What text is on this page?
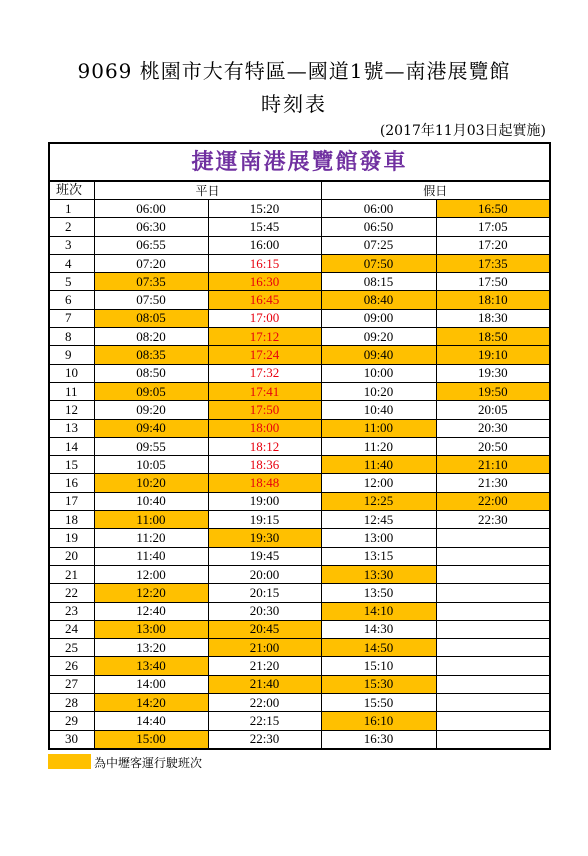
9069 桃園市大有特區—國道1號—南港展覽館
時刻表
(2017年11月03日起實施)
捷運南港展覽館發車				
班次	平日		假日	
1	06:00	15:20	06:00	16:50
2	06:30	15:45	06:50	17:05
3	06:55	16:00	07:25	17:20
4	07:20	16:15	07:50	17:35
5	07:35	16:30	08:15	17:50
6	07:50	16:45	08:40	18:10
7	08:05	17:00	09:00	18:30
8	08:20	17:12	09:20	18:50
9	08:35	17:24	09:40	19:10
10	08:50	17:32	10:00	19:30
11	09:05	17:41	10:20	19:50
12	09:20	17:50	10:40	20:05
13	09:40	18:00	11:00	20:30
14	09:55	18:12	11:20	20:50
15	10:05	18:36	11:40	21:10
16	10:20	18:48	12:00	21:30
17	10:40	19:00	12:25	22:00
18	11:00	19:15	12:45	22:30
19	11:20	19:30	13:00	
20	11:40	19:45	13:15	
21	12:00	20:00	13:30	
22	12:20	20:15	13:50	
23	12:40	20:30	14:10	
24	13:00	20:45	14:30	
25	13:20	21:00	14:50	
26	13:40	21:20	15:10	
27	14:00	21:40	15:30	
28	14:20	22:00	15:50	
29	14:40	22:15	16:10	
30	15:00	22:30	16:30	
為中壢客運行駛班次
